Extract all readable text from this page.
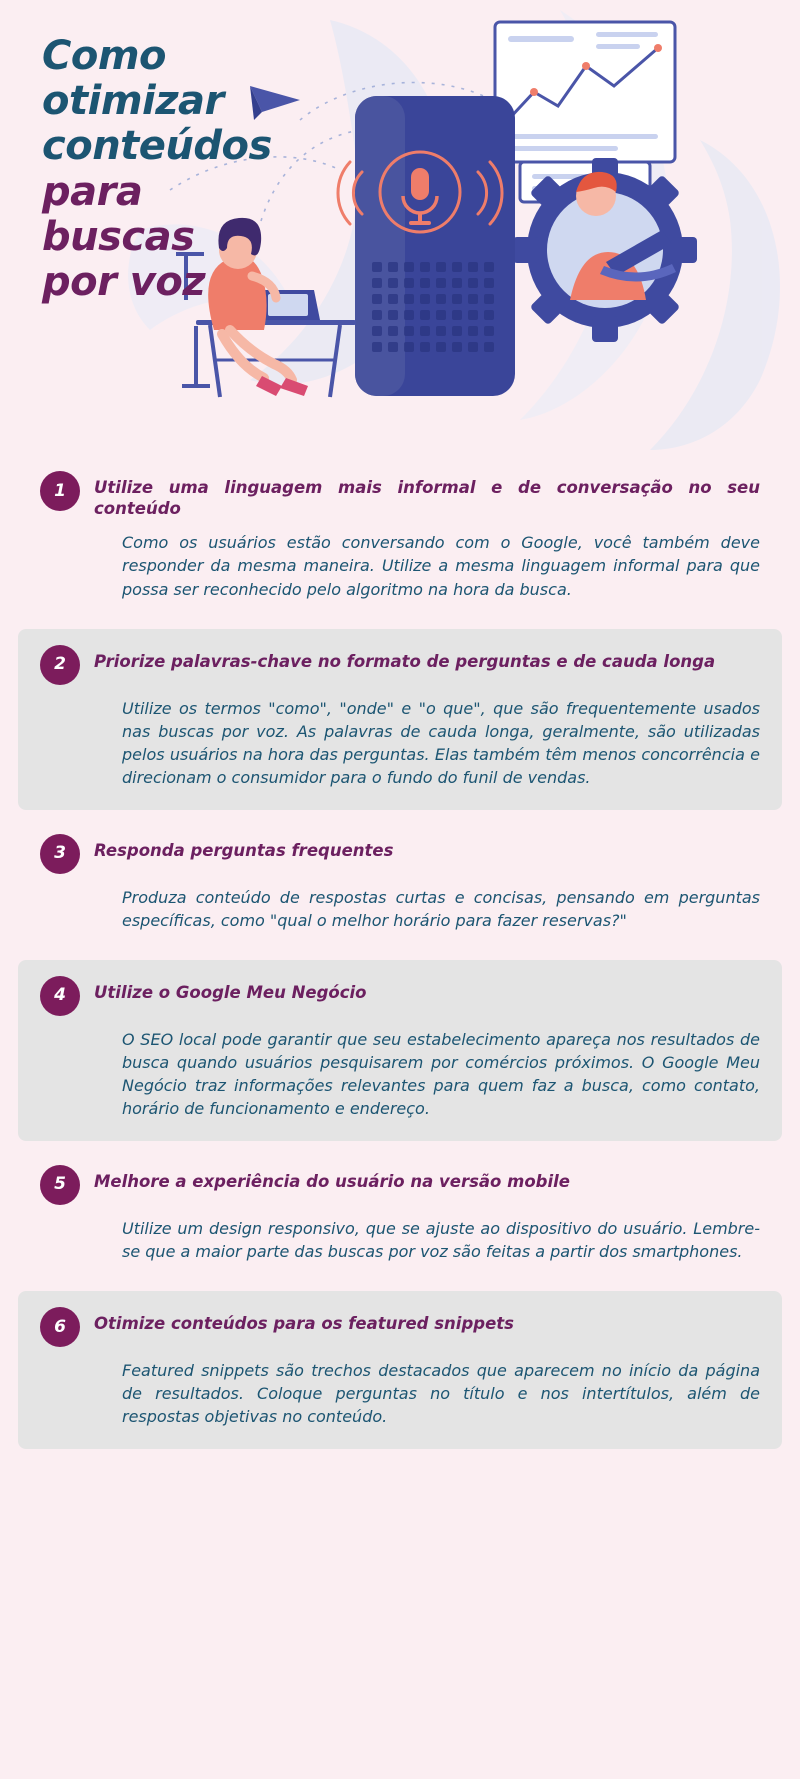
Como
otimizar
conteúdos
para
buscas
por voz
1	Utilize uma linguagem mais informal e de conversação no seu conteúdo
Como os usuários estão conversando com o Google, você também deve responder da mesma maneira. Utilize a mesma linguagem informal para que possa ser reconhecido pelo algoritmo na hora da busca.
2	Priorize palavras-chave no formato de perguntas e de cauda longa
Utilize os termos "como", "onde" e "o que", que são frequentemente usados nas buscas por voz. As palavras de cauda longa, geralmente, são utilizadas pelos usuários na hora das perguntas. Elas também têm menos concorrência e direcionam o consumidor para o fundo do funil de vendas.
3	Responda perguntas frequentes
Produza conteúdo de respostas curtas e concisas, pensando em perguntas específicas, como "qual o melhor horário para fazer reservas?"
4	Utilize o Google Meu Negócio
O SEO local pode garantir que seu estabelecimento apareça nos resultados de busca quando usuários pesquisarem por comércios próximos. O Google Meu Negócio traz informações relevantes para quem faz a busca, como contato, horário de funcionamento e endereço.
5	Melhore a experiência do usuário na versão mobile
Utilize um design responsivo, que se ajuste ao dispositivo do usuário. Lembre-se que a maior parte das buscas por voz são feitas a partir dos smartphones.
6	Otimize conteúdos para os featured snippets
Featured snippets são trechos destacados que aparecem no início da página de resultados. Coloque perguntas no título e nos intertítulos, além de respostas objetivas no conteúdo.
